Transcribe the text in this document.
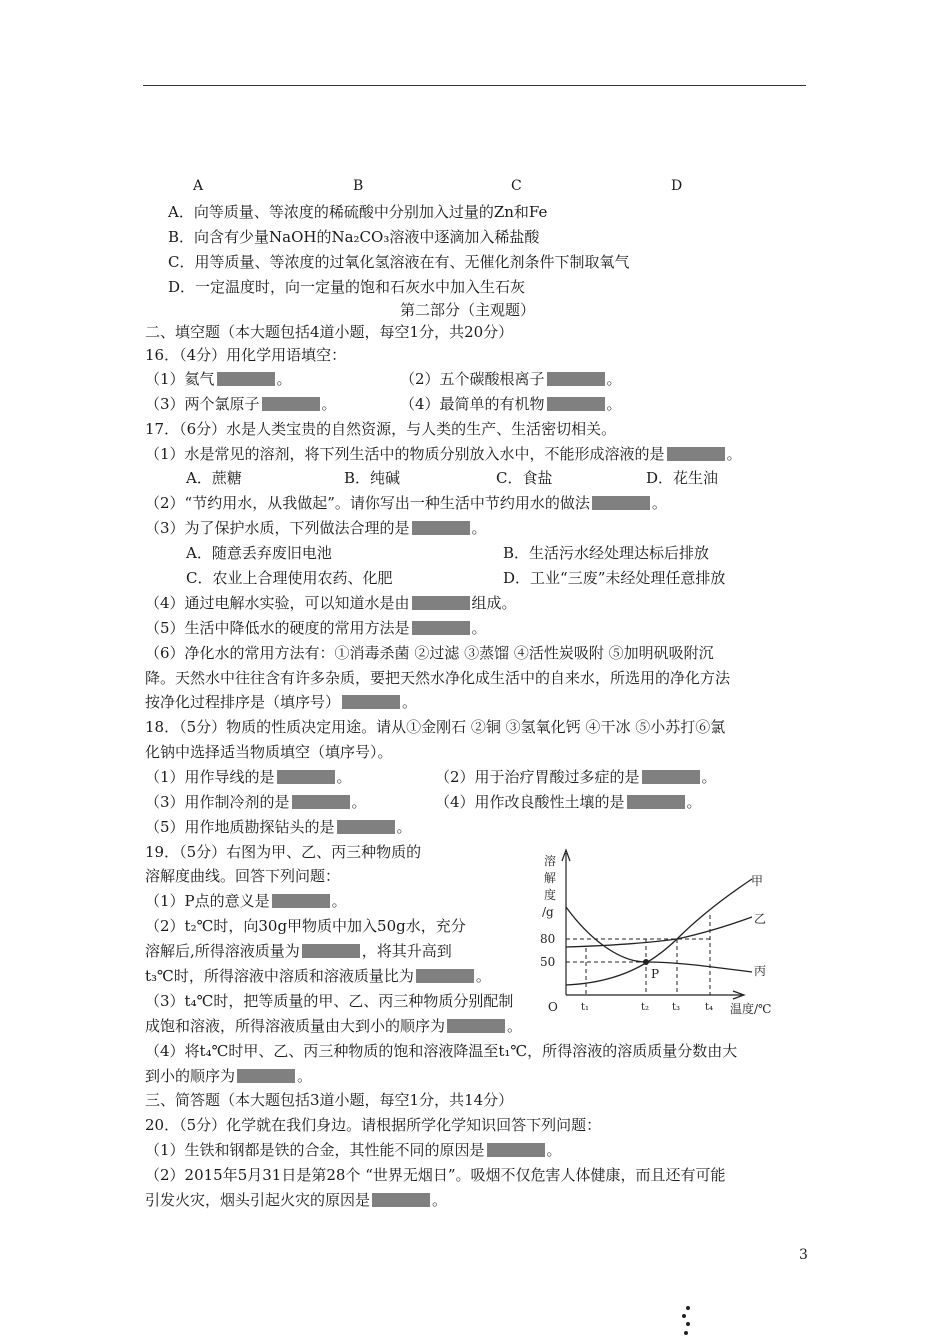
A	B	C	D
A．向等质量、等浓度的稀硫酸中分别加入过量的Zn和Fe
B．向含有少量NaOH的Na₂CO₃溶液中逐滴加入稀盐酸
C．用等质量、等浓度的过氧化氢溶液在有、无催化剂条件下制取氧气
D．一定温度时，向一定量的饱和石灰水中加入生石灰
第二部分（主观题）
二、填空题（本大题包括4道小题，每空1分，共20分）
16．（4分）用化学用语填空：
（1）氦气	。	（2）五个碳酸根离子	。
（3）两个氯原子	。	（4）最简单的有机物	。
17．（6分）水是人类宝贵的自然资源，与人类的生产、生活密切相关。
（1）水是常见的溶剂，将下列生活中的物质分别放入水中，不能形成溶液的是	。
A．蔗糖	B．纯碱	C．食盐	D．花生油
（2）“节约用水，从我做起”。请你写出一种生活中节约用水的做法	。
（3）为了保护水质，下列做法合理的是	。
A．随意丢弃废旧电池	B．生活污水经处理达标后排放
C．农业上合理使用农药、化肥	D．工业“三废”未经处理任意排放
（4）通过电解水实验，可以知道水是由	组成。
（5）生活中降低水的硬度的常用方法是	。
（6）净化水的常用方法有：①消毒杀菌 ②过滤 ③蒸馏 ④活性炭吸附 ⑤加明矾吸附沉
降。天然水中往往含有许多杂质，要把天然水净化成生活中的自来水，所选用的净化方法
按净化过程排序是（填序号）	。
18．（5分）物质的性质决定用途。请从①金刚石 ②铜 ③氢氧化钙 ④干冰 ⑤小苏打⑥氯
化钠中选择适当物质填空（填序号）。
（1）用作导线的是	。	（2）用于治疗胃酸过多症的是	。
（3）用作制冷剂的是	。	（4）用作改良酸性土壤的是	。
（5）用作地质勘探钻头的是	。
19．（5分）右图为甲、乙、丙三种物质的
溶解度曲线。回答下列问题：
（1）P点的意义是	。
（2）t₂℃时，向30g甲物质中加入50g水，充分
溶解后,所得溶液质量为	，将其升高到
t₃℃时，所得溶液中溶质和溶液质量比为	。
（3）t₄℃时，把等质量的甲、乙、丙三种物质分别配制
成饱和溶液，所得溶液质量由大到小的顺序为	。
（4）将t₄℃时甲、乙、丙三种物质的饱和溶液降温至t₁℃，所得溶液的溶质质量分数由大
到小的顺序为	。
溶
解
度
/g
80
50
O t₁	t₂ t₃ t₄ 温度/℃
甲
乙
丙
P
三、简答题（本大题包括3道小题，每空1分，共14分）
20．（5分）化学就在我们身边。请根据所学化学知识回答下列问题：
（1）生铁和钢都是铁的合金，其性能不同的原因是	。
（2）2015年5月31日是第28个 “世界无烟日”。吸烟不仅危害人体健康，而且还有可能
引发火灾，烟头引起火灾的原因是	。
3
